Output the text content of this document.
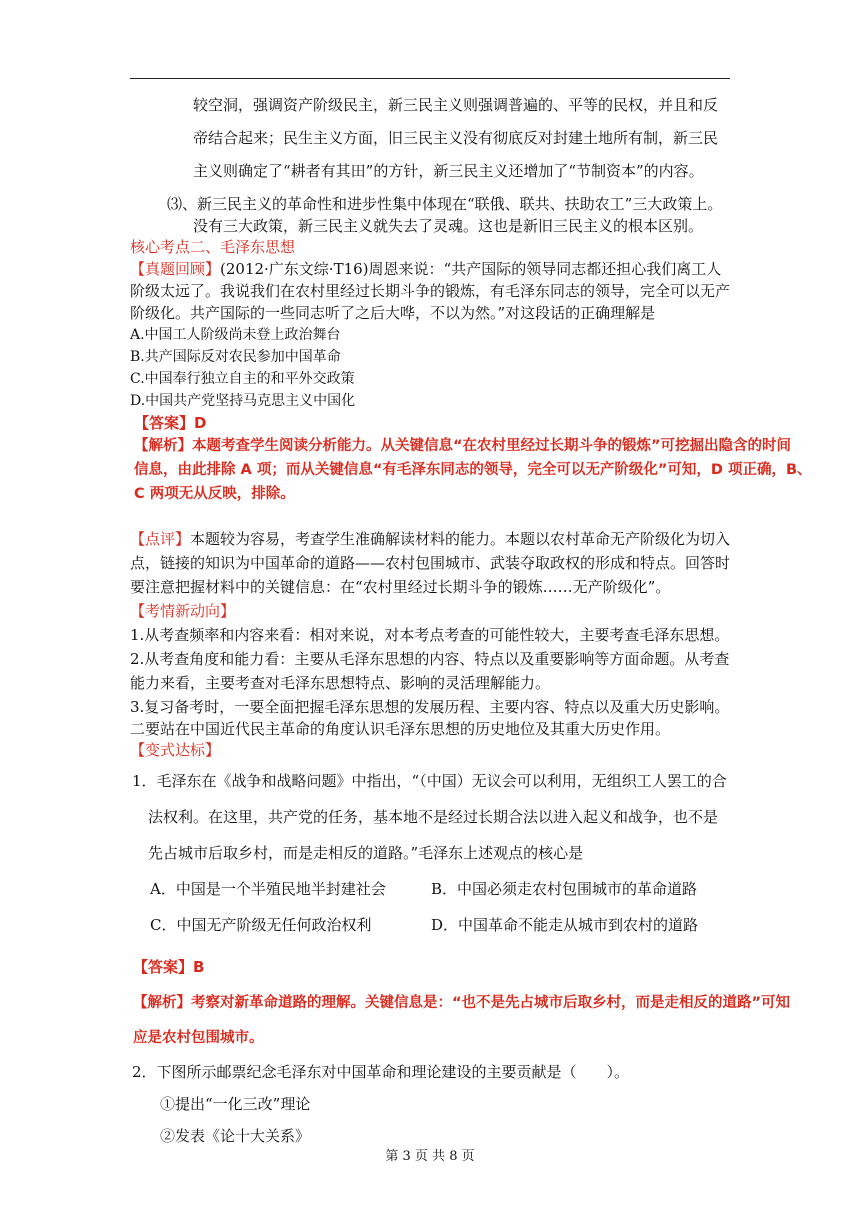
较空洞，强调资产阶级民主，新三民主义则强调普遍的、平等的民权，并且和反
帝结合起来；民生主义方面，旧三民主义没有彻底反对封建土地所有制，新三民
主义则确定了“耕者有其田”的方针，新三民主义还增加了“节制资本”的内容。
⑶、新三民主义的革命性和进步性集中体现在“联俄、联共、扶助农工”三大政策上。
没有三大政策，新三民主义就失去了灵魂。这也是新旧三民主义的根本区别。
核心考点二、毛泽东思想
【真题回顾】(2012·广东文综·T16)周恩来说：“共产国际的领导同志都还担心我们离工人
阶级太远了。我说我们在农村里经过长期斗争的锻炼，有毛泽东同志的领导，完全可以无产
阶级化。共产国际的一些同志听了之后大哗，不以为然。”对这段话的正确理解是
A.中国工人阶级尚未登上政治舞台
B.共产国际反对农民参加中国革命
C.中国奉行独立自主的和平外交政策
D.中国共产党坚持马克思主义中国化
【答案】D
【解析】本题考查学生阅读分析能力。从关键信息“在农村里经过长期斗争的锻炼”可挖掘出隐含的时间
信息，由此排除 A 项；而从关键信息“有毛泽东同志的领导，完全可以无产阶级化”可知，D 项正确，B、
C 两项无从反映，排除。
【点评】本题较为容易，考查学生准确解读材料的能力。本题以农村革命无产阶级化为切入
点，链接的知识为中国革命的道路——农村包围城市、武装夺取政权的形成和特点。回答时
要注意把握材料中的关键信息：在“农村里经过长期斗争的锻炼……无产阶级化”。
【考情新动向】
1.从考查频率和内容来看：相对来说，对本考点考查的可能性较大，主要考查毛泽东思想。
2.从考查角度和能力看：主要从毛泽东思想的内容、特点以及重要影响等方面命题。从考查
能力来看，主要考查对毛泽东思想特点、影响的灵活理解能力。
3.复习备考时，一要全面把握毛泽东思想的发展历程、主要内容、特点以及重大历史影响。
二要站在中国近代民主革命的角度认识毛泽东思想的历史地位及其重大历史作用。
【变式达标】
1．毛泽东在《战争和战略问题》中指出，“（中国）无议会可以利用，无组织工人罢工的合
法权利。在这里，共产党的任务，基本地不是经过长期合法以进入起义和战争，也不是
先占城市后取乡村，而是走相反的道路。”毛泽东上述观点的核心是
A．中国是一个半殖民地半封建社会	B．中国必须走农村包围城市的革命道路
C．中国无产阶级无任何政治权利	D．中国革命不能走从城市到农村的道路
【答案】B
【解析】考察对新革命道路的理解。关键信息是：“也不是先占城市后取乡村，而是走相反的道路”可知
应是农村包围城市。
2．下图所示邮票纪念毛泽东对中国革命和理论建设的主要贡献是（　　）。
①提出“一化三改”理论
②发表《论十大关系》
第 3 页 共 8 页
